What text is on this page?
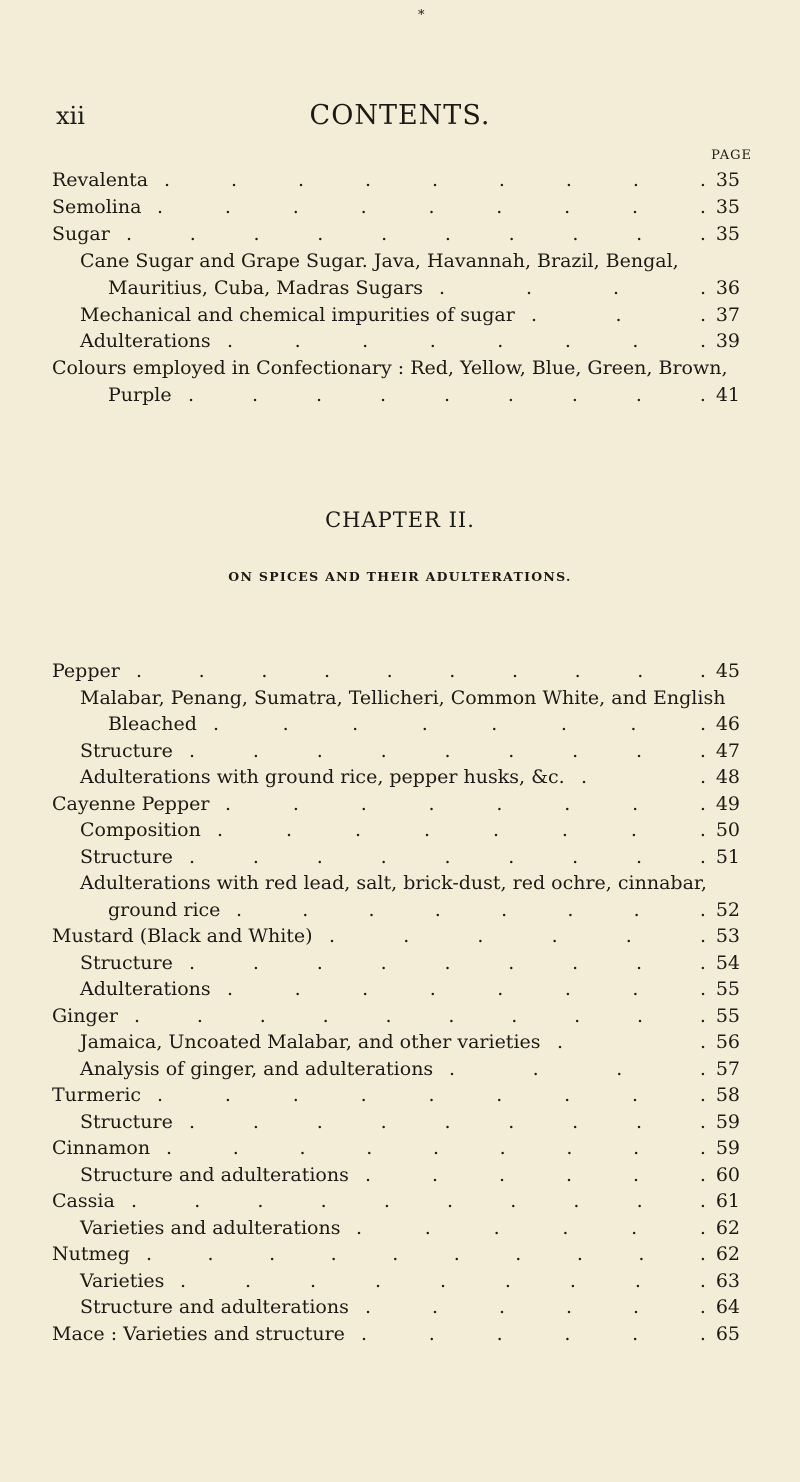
*
xii	CONTENTS.
PAGE
Revalenta	35
.	.	.	.	.	.	.	.	.
Semolina	35
.	.	.	.	.	.	.	.	.
Sugar	35
.	.	.	.	.	.	.	.	.	.
Cane Sugar and Grape Sugar. Java, Havannah, Brazil, Bengal,
Mauritius, Cuba, Madras Sugars	36
.	.	.	.
Mechanical and chemical impurities of sugar	37
.	.	.
Adulterations	39
.	.	.	.	.	.	.	.
Colours employed in Confectionary : Red, Yellow, Blue, Green, Brown,
Purple	41
.	.	.	.	.	.	.	.	.
CHAPTER II.
ON SPICES AND THEIR ADULTERATIONS.
Pepper	45
.	.	.	.	.	.	.	.	.	.
Malabar, Penang, Sumatra, Tellicheri, Common White, and English
Bleached	46
.	.	.	.	.	.	.	.
Structure	47
.	.	.	.	.	.	.	.	.
Adulterations with ground rice, pepper husks, &c.	48
.	.
Cayenne Pepper	49
.	.	.	.	.	.	.	.
Composition	50
.	.	.	.	.	.	.	.
Structure	51
.	.	.	.	.	.	.	.	.
Adulterations with red lead, salt, brick-dust, red ochre, cinnabar,
ground rice	52
.	.	.	.	.	.	.	.
Mustard (Black and White)	53
.	.	.	.	.	.
Structure	54
.	.	.	.	.	.	.	.	.
Adulterations	55
.	.	.	.	.	.	.	.
Ginger	55
.	.	.	.	.	.	.	.	.	.
Jamaica, Uncoated Malabar, and other varieties	56
.	.
Analysis of ginger, and adulterations	57
.	.	.	.
Turmeric	58
.	.	.	.	.	.	.	.	.
Structure	59
.	.	.	.	.	.	.	.	.
Cinnamon	59
.	.	.	.	.	.	.	.	.
Structure and adulterations	60
.	.	.	.	.	.
Cassia	61
.	.	.	.	.	.	.	.	.	.
Varieties and adulterations	62
.	.	.	.	.	.
Nutmeg	62
.	.	.	.	.	.	.	.	.	.
Varieties	63
.	.	.	.	.	.	.	.	.
Structure and adulterations	64
.	.	.	.	.	.
Mace : Varieties and structure	65
.	.	.	.	.	.
